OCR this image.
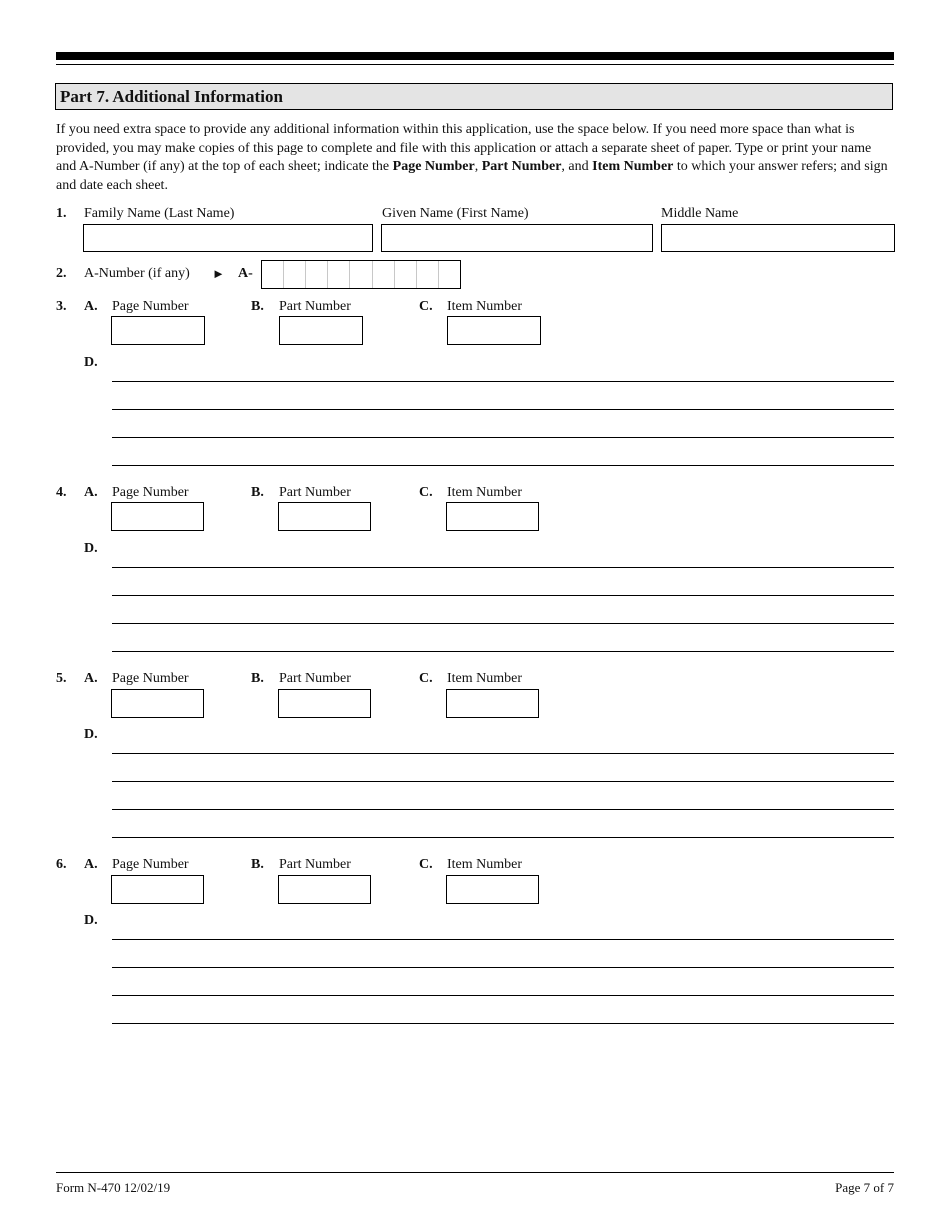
Part 7. Additional Information

If you need extra space to provide any additional information within this application, use the space below. If you need more space than what is provided, you may make copies of this page to complete and file with this application or attach a separate sheet of paper. Type or print your name and A-Number (if any) at the top of each sheet; indicate the Page Number, Part Number, and Item Number to which your answer refers; and sign and date each sheet.

1. Family Name (Last Name)	Given Name (First Name)	Middle Name
2. A-Number (if any) ► A-
3. A. Page Number	B. Part Number	C. Item Number
D.
4. A. Page Number	B. Part Number	C. Item Number
D.
5. A. Page Number	B. Part Number	C. Item Number
D.
6. A. Page Number	B. Part Number	C. Item Number
D.
Form N-470 12/02/19	Page 7 of 7
